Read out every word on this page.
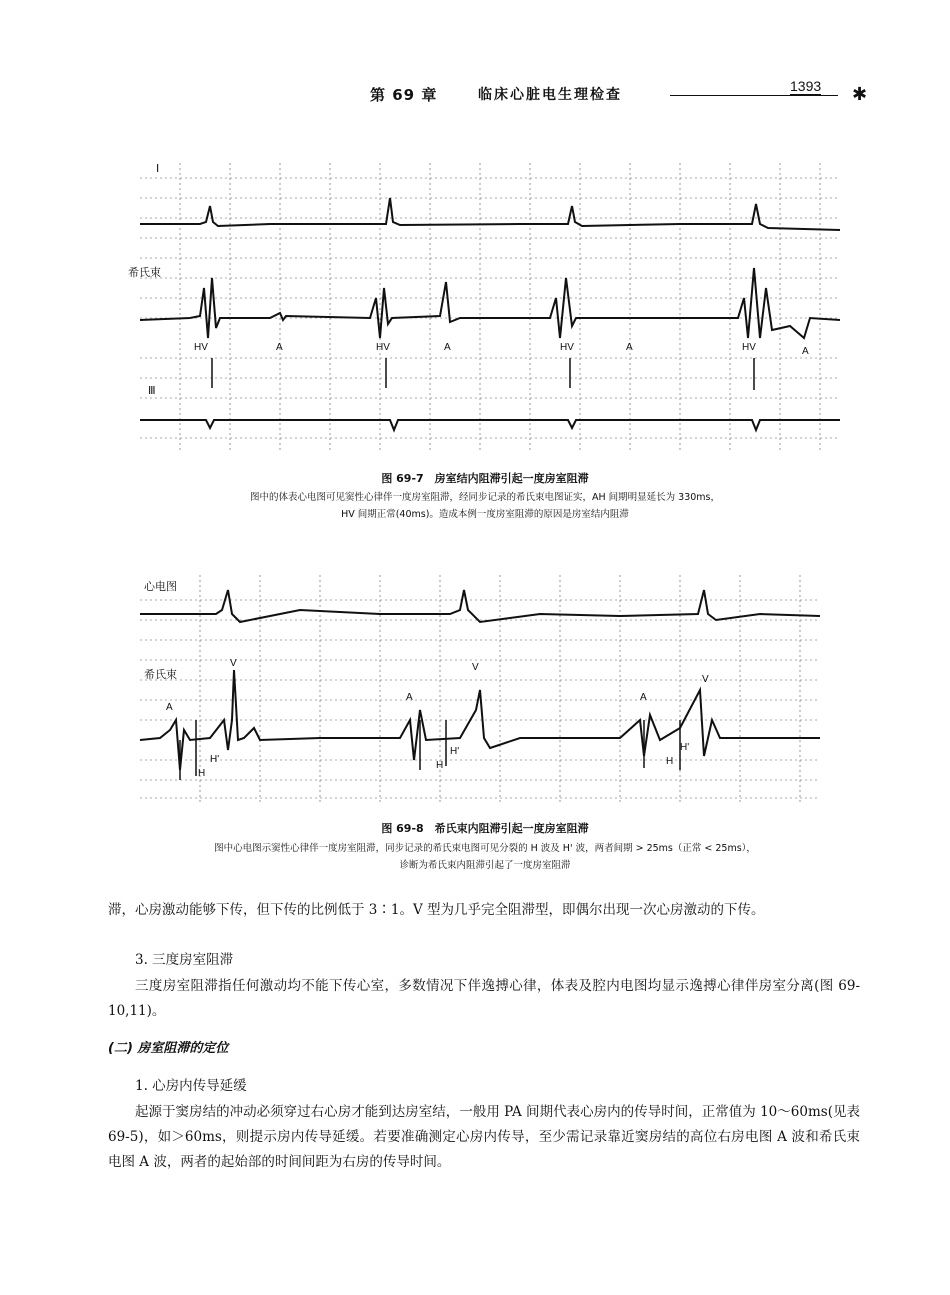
第 69 章	临床心脏电生理检查
1393 ✱
I
希氏束
Ⅲ
HV	A	HV	A	HV	A	HV	A
图 69-7　房室结内阻滞引起一度房室阻滞
图中的体表心电图可见窦性心律伴一度房室阻滞，经同步记录的希氏束电图证实，AH 间期明显延长为 330ms，
HV 间期正常(40ms)。造成本例一度房室阻滞的原因是房室结内阻滞
心电图
希氏束
V	V
V
A
A	A
H'
H
H'
H
H'
H
图 69-8　希氏束内阻滞引起一度房室阻滞
图中心电图示窦性心律伴一度房室阻滞，同步记录的希氏束电图可见分裂的 H 波及 H' 波，两者间期 > 25ms（正常 < 25ms），
诊断为希氏束内阻滞引起了一度房室阻滞
滞，心房激动能够下传，但下传的比例低于 3∶1。V 型为几乎完全阻滞型，即偶尔出现一次心房激动的下传。
3. 三度房室阻滞
三度房室阻滞指任何激动均不能下传心室，多数情况下伴逸搏心律，体表及腔内电图均显示逸搏心律伴房室分离(图 69-10,11)。
(二) 房室阻滞的定位
1. 心房内传导延缓
起源于窦房结的冲动必须穿过右心房才能到达房室结，一般用 PA 间期代表心房内的传导时间，正常值为 10～60ms(见表 69-5)，如＞60ms，则提示房内传导延缓。若要准确测定心房内传导，至少需记录靠近窦房结的高位右房电图 A 波和希氏束电图 A 波，两者的起始部的时间间距为右房的传导时间。
